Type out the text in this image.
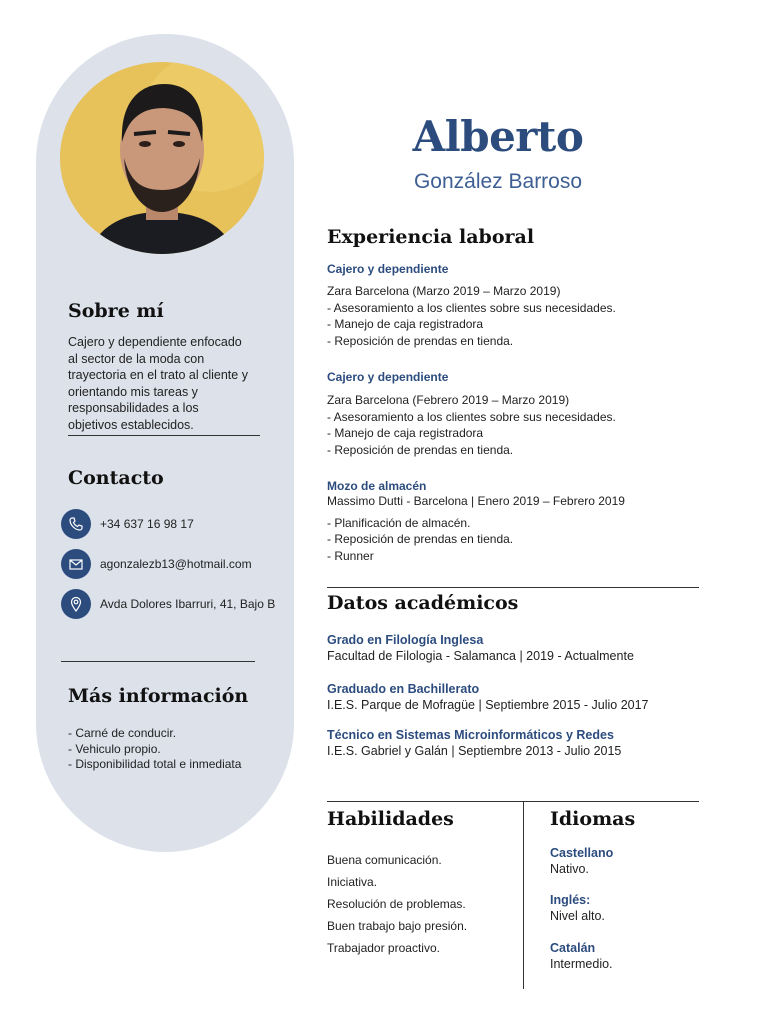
Sobre mí
Cajero y dependiente enfocado
al sector de la moda con
trayectoria en el trato al cliente y
orientando mis tareas y
responsabilidades a los
objetivos establecidos.
Contacto
+34 637 16 98 17
agonzalezb13@hotmail.com
Avda Dolores Ibarruri, 41, Bajo B
Más información
- Carné de conducir.
- Vehiculo propio.
- Disponibilidad total e inmediata
Alberto
González Barroso
Experiencia laboral
Cajero y dependiente
Zara Barcelona (Marzo 2019 – Marzo 2019)
- Asesoramiento a los clientes sobre sus necesidades.
- Manejo de caja registradora
- Reposición de prendas en tienda.
Cajero y dependiente
Zara Barcelona (Febrero 2019 – Marzo 2019)
- Asesoramiento a los clientes sobre sus necesidades.
- Manejo de caja registradora
- Reposición de prendas en tienda.
Mozo de almacén
Massimo Dutti - Barcelona | Enero 2019 – Febrero 2019
- Planificación de almacén.
- Reposición de prendas en tienda.
- Runner
Datos académicos
Grado en Filología Inglesa
Facultad de Filologia - Salamanca | 2019 - Actualmente
Graduado en Bachillerato
I.E.S. Parque de Mofragüe | Septiembre 2015 - Julio 2017
Técnico en Sistemas Microinformáticos y Redes
I.E.S. Gabriel y Galán | Septiembre 2013 - Julio 2015
Habilidades
Buena comunicación.
Iniciativa.
Resolución de problemas.
Buen trabajo bajo presión.
Trabajador proactivo.
Idiomas
Castellano
Nativo.
Inglés:
Nivel alto.
Catalán
Intermedio.
